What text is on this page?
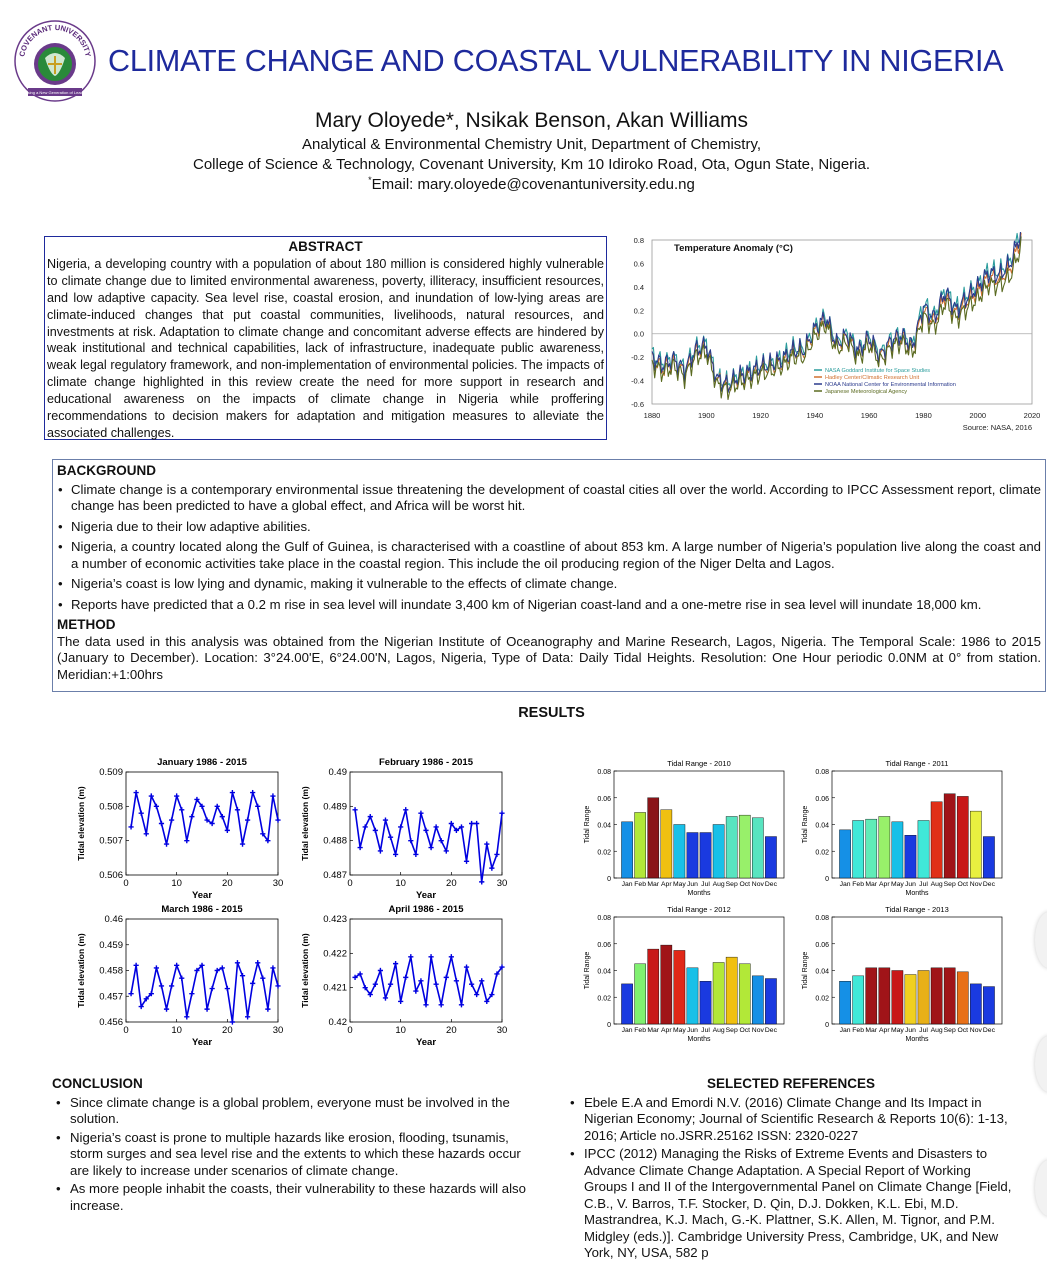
COVENANT UNIVERSITY
Raising a New Generation of Leaders
CLIMATE CHANGE AND COASTAL VULNERABILITY IN NIGERIA
Mary Oloyede*, Nsikak Benson, Akan Williams
Analytical & Environmental Chemistry Unit, Department of Chemistry,
College of Science & Technology, Covenant University, Km 10 Idiroko Road, Ota, Ogun State, Nigeria.
*Email: mary.oloyede@covenantuniversity.edu.ng
ABSTRACT
Nigeria, a developing country with a population of about 180 million is considered highly vulnerable to climate change due to limited environmental awareness, poverty, illiteracy, insufficient resources, and low adaptive capacity. Sea level rise, coastal erosion, and inundation of low-lying areas are climate-induced changes that put coastal communities, livelihoods, natural resources, and investments at risk. Adaptation to climate change and concomitant adverse effects are hindered by weak institutional and technical capabilities, lack of infrastructure, inadequate public awareness, weak legal regulatory framework, and non-implementation of environmental policies. The impacts of climate change highlighted in this review create the need for more support in research and educational awareness on the impacts of climate change in Nigeria while proffering recommendations to decision makers for adaptation and mitigation measures to alleviate the associated challenges.
-0.6
-0.4
-0.2
0.0
0.2
0.4
0.6
0.8
1880	1900	1920	1940	1960	1980	2000	2020
Temperature Anomaly (°C)
NASA Goddard Institute for Space Studies
Hadley Center/Climatic Research Unit
NOAA National Center for Environmental Information
Japanese Meteorological Agency
Source: NASA, 2016
BACKGROUND
• Climate change is a contemporary environmental issue threatening the development of coastal cities all over the world. According to IPCC Assessment report, climate change has been predicted to have a global effect, and Africa will be worst hit.
• Nigeria due to their low adaptive abilities.
• Nigeria, a country located along the Gulf of Guinea, is characterised with a coastline of about 853 km. A large number of Nigeria’s population live along the coast and a number of economic activities take place in the coastal region. This include the oil producing region of the Niger Delta and Lagos.
• Nigeria’s coast is low lying and dynamic, making it vulnerable to the effects of climate change.
• Reports have predicted that a 0.2 m rise in sea level will inundate 3,400 km of Nigerian coast-land and a one-metre rise in sea level will inundate 18,000 km.
METHOD
The data used in this analysis was obtained from the Nigerian Institute of Oceanography and Marine Research, Lagos, Nigeria. The Temporal Scale: 1986 to 2015 (January to December). Location: 3°24.00'E, 6°24.00'N, Lagos, Nigeria, Type of Data: Daily Tidal Heights. Resolution: One Hour periodic 0.0NM at 0° from station. Meridian:+1:00hrs
RESULTS
January 1986 - 2015
0.506
0.507
0.508
0.509
0	10	20	30
Year
Tidal elevation (m)
February 1986 - 2015
0.487
0.488
0.489
0.49
0	10	20	30
Year
Tidal elevation (m)
March 1986 - 2015
0.456
0.457
0.458
0.459
0.46
0	10	20	30
Year
Tidal elevation (m)
April 1986 - 2015
0.42
0.421
0.422
0.423
0	10	20	30
Year
Tidal elevation (m)
Tidal Range - 2010
0
0.02
0.04
0.06
0.08
Jan Feb Mar Apr May Jun Jul Aug Sep Oct Nov Dec
Months
Tidal Range
Tidal Range - 2011
0
0.02
0.04
0.06
0.08
Jan Feb Mar Apr May Jun Jul Aug Sep Oct Nov Dec
Months
Tidal Range
Tidal Range - 2012
0
0.02
0.04
0.06
0.08
Jan Feb Mar Apr May Jun Jul Aug Sep Oct Nov Dec
Months
Tidal Range
Tidal Range - 2013
0
0.02
0.04
0.06
0.08
Jan Feb Mar Apr May Jun Jul Aug Sep Oct Nov Dec
Months
Tidal Range
CONCLUSION
• Since climate change is a global problem, everyone must be involved in the solution.
• Nigeria’s coast is prone to multiple hazards like erosion, flooding, tsunamis, storm surges and sea level rise and the extents to which these hazards occur are likely to increase under scenarios of climate change.
• As more people inhabit the coasts, their vulnerability to these hazards will also increase.
SELECTED REFERENCES
• Ebele E.A and Emordi N.V. (2016) Climate Change and Its Impact in Nigerian Economy; Journal of Scientific Research & Reports 10(6): 1-13, 2016; Article no.JSRR.25162 ISSN: 2320-0227
• IPCC (2012) Managing the Risks of Extreme Events and Disasters to Advance Climate Change Adaptation. A Special Report of Working Groups I and II of the Intergovernmental Panel on Climate Change [Field, C.B., V. Barros, T.F. Stocker, D. Qin, D.J. Dokken, K.L. Ebi, M.D. Mastrandrea, K.J. Mach, G.-K. Plattner, S.K. Allen, M. Tignor, and P.M. Midgley (eds.)]. Cambridge University Press, Cambridge, UK, and New York, NY, USA, 582 p
